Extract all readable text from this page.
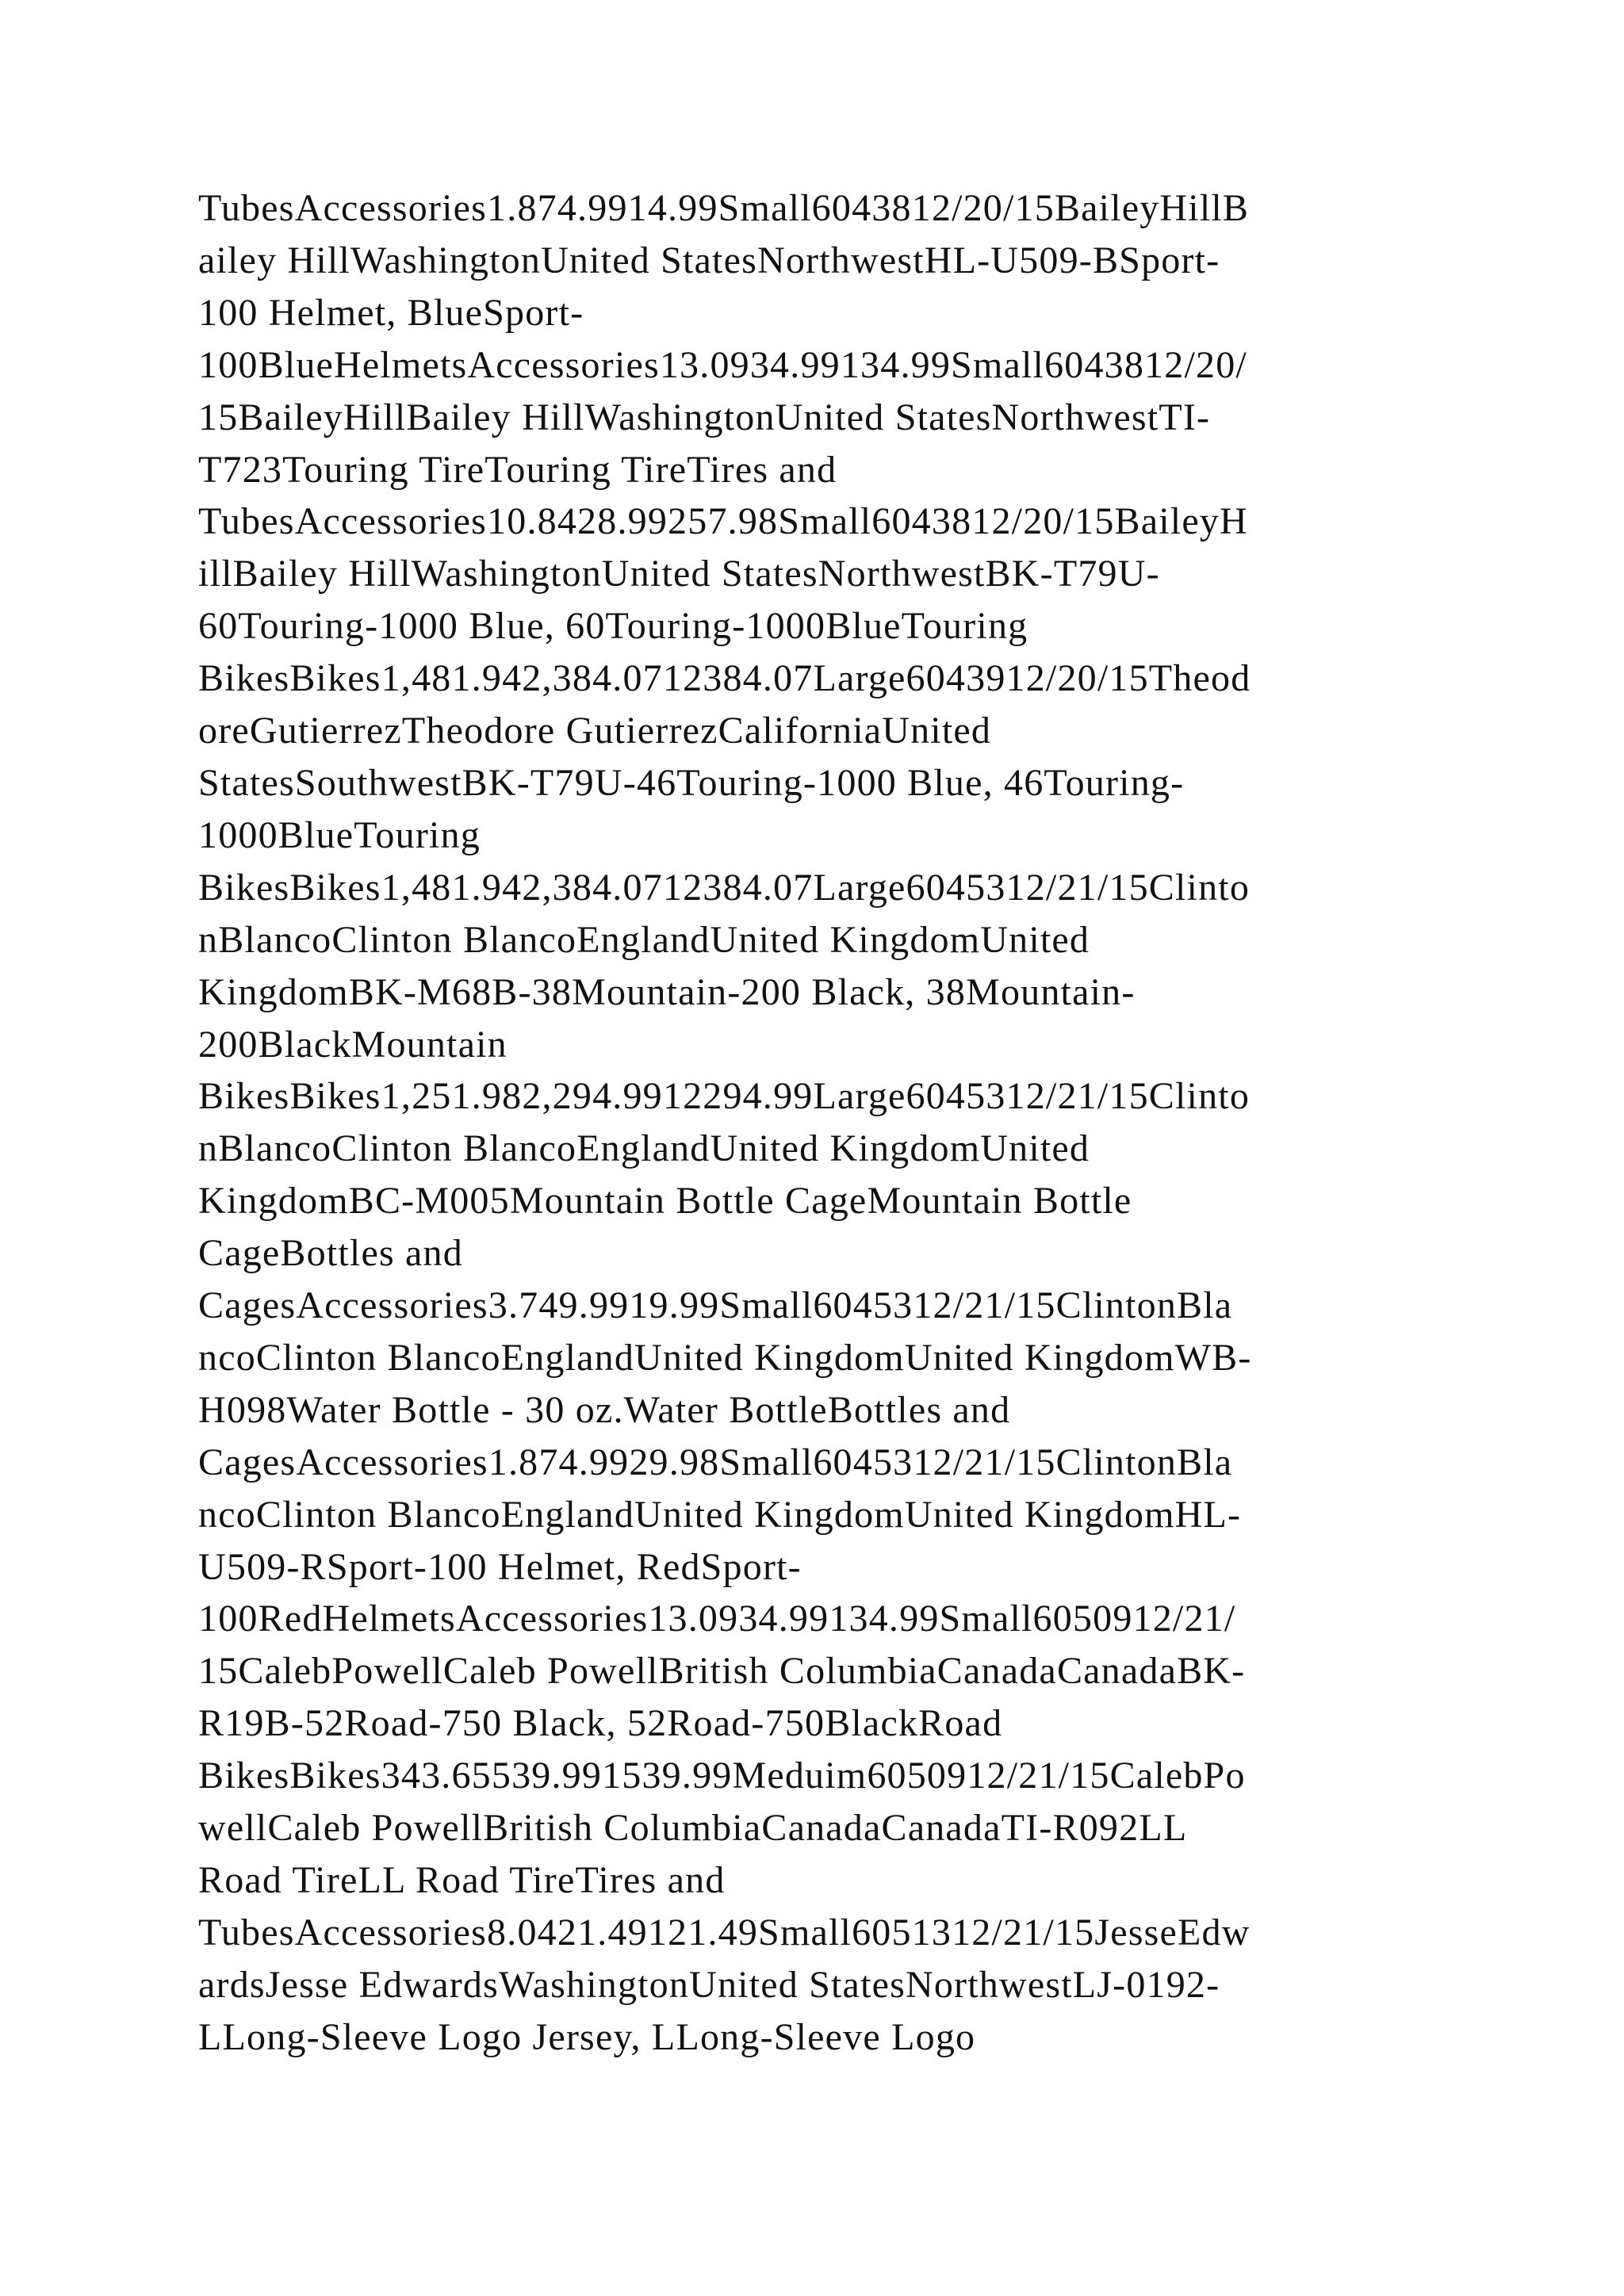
TubesAccessories1.874.9914.99Small6043812/20/15BaileyHillB
ailey HillWashingtonUnited StatesNorthwestHL-U509-BSport-
100 Helmet, BlueSport-
100BlueHelmetsAccessories13.0934.99134.99Small6043812/20/
15BaileyHillBailey HillWashingtonUnited StatesNorthwestTI-
T723Touring TireTouring TireTires and
TubesAccessories10.8428.99257.98Small6043812/20/15BaileyH
illBailey HillWashingtonUnited StatesNorthwestBK-T79U-
60Touring-1000 Blue, 60Touring-1000BlueTouring
BikesBikes1,481.942,384.0712384.07Large6043912/20/15Theod
oreGutierrezTheodore GutierrezCaliforniaUnited
StatesSouthwestBK-T79U-46Touring-1000 Blue, 46Touring-
1000BlueTouring
BikesBikes1,481.942,384.0712384.07Large6045312/21/15Clinto
nBlancoClinton BlancoEnglandUnited KingdomUnited
KingdomBK-M68B-38Mountain-200 Black, 38Mountain-
200BlackMountain
BikesBikes1,251.982,294.9912294.99Large6045312/21/15Clinto
nBlancoClinton BlancoEnglandUnited KingdomUnited
KingdomBC-M005Mountain Bottle CageMountain Bottle
CageBottles and
CagesAccessories3.749.9919.99Small6045312/21/15ClintonBla
ncoClinton BlancoEnglandUnited KingdomUnited KingdomWB-
H098Water Bottle - 30 oz.Water BottleBottles and
CagesAccessories1.874.9929.98Small6045312/21/15ClintonBla
ncoClinton BlancoEnglandUnited KingdomUnited KingdomHL-
U509-RSport-100 Helmet, RedSport-
100RedHelmetsAccessories13.0934.99134.99Small6050912/21/
15CalebPowellCaleb PowellBritish ColumbiaCanadaCanadaBK-
R19B-52Road-750 Black, 52Road-750BlackRoad
BikesBikes343.65539.991539.99Meduim6050912/21/15CalebPo
wellCaleb PowellBritish ColumbiaCanadaCanadaTI-R092LL
Road TireLL Road TireTires and
TubesAccessories8.0421.49121.49Small6051312/21/15JesseEdw
ardsJesse EdwardsWashingtonUnited StatesNorthwestLJ-0192-
LLong-Sleeve Logo Jersey, LLong-Sleeve Logo
